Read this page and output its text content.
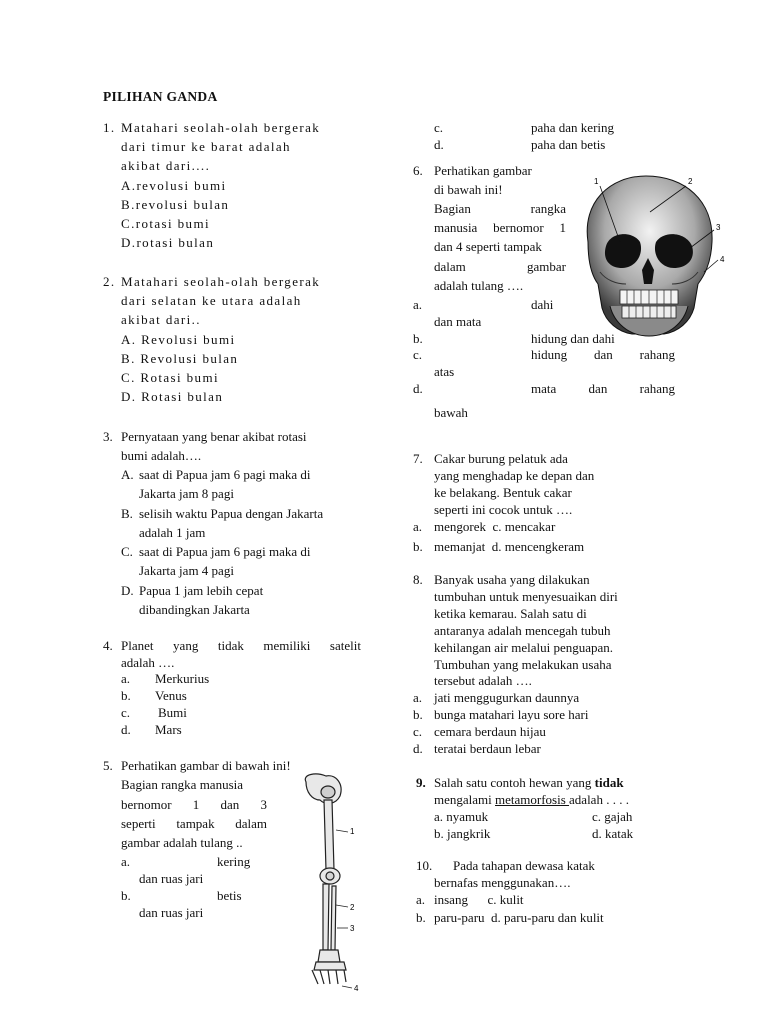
PILIHAN GANDA
1. Matahari seolah-olah bergerak
dari timur ke barat adalah
akibat dari....
A.revolusi bumi
B.revolusi bulan
C.rotasi bumi
D.rotasi bulan
2. Matahari seolah-olah bergerak
dari selatan ke utara adalah
akibat dari..
A. Revolusi bumi
B. Revolusi bulan
C. Rotasi bumi
D. Rotasi bulan
3. Pernyataan yang benar akibat rotasi
bumi adalah….
A. saat di Papua jam 6 pagi maka di
Jakarta jam 8 pagi
B. selisih waktu Papua dengan Jakarta
adalah 1 jam
C. saat di Papua jam 6 pagi maka di
Jakarta jam 4 pagi
D. Papua 1 jam lebih cepat
dibandingkan Jakarta
4. Planet yang tidak memiliki satelit
adalah ….
a. Merkurius
b. Venus
c. Bumi
d. Mars
5. Perhatikan gambar di bawah ini!
Bagian rangka manusia
bernomor 1 dan 3
seperti tampak dalam
gambar adalah tulang ..
a.	kering
dan ruas jari
b.	betis
dan ruas jari
1
2
3
4
c.	paha dan kering
d.	paha dan betis
6. Perhatikan gambar
di bawah ini!
Bagian	rangka
manusia bernomor 1
dan 4 seperti tampak
dalam	gambar
adalah tulang ….
a.	dahi
dan mata
b.	hidung dan dahi
c.	hidung dan rahang
atas
d.	mata dan rahang
bawah
1	2
3
4
7. Cakar burung pelatuk ada
yang menghadap ke depan dan
ke belakang. Bentuk cakar
seperti ini cocok untuk ….
a. mengorek  c. mencakar
b. memanjat  d. mencengkeram
8. Banyak usaha yang dilakukan
tumbuhan untuk menyesuaikan diri
ketika kemarau. Salah satu di
antaranya adalah mencegah tubuh
kehilangan air melalui penguapan.
Tumbuhan yang melakukan usaha
tersebut adalah ….
a. jati menggugurkan daunnya
b. bunga matahari layu sore hari
c. cemara berdaun hijau
d. teratai berdaun lebar
9. Salah satu contoh hewan yang tidak
mengalami metamorfosis adalah . . . .
a. nyamuk	c. gajah
b. jangkrik	d. katak
10. Pada tahapan dewasa katak
bernafas menggunakan….
a. insang      c. kulit
b. paru-paru  d. paru-paru dan kulit
